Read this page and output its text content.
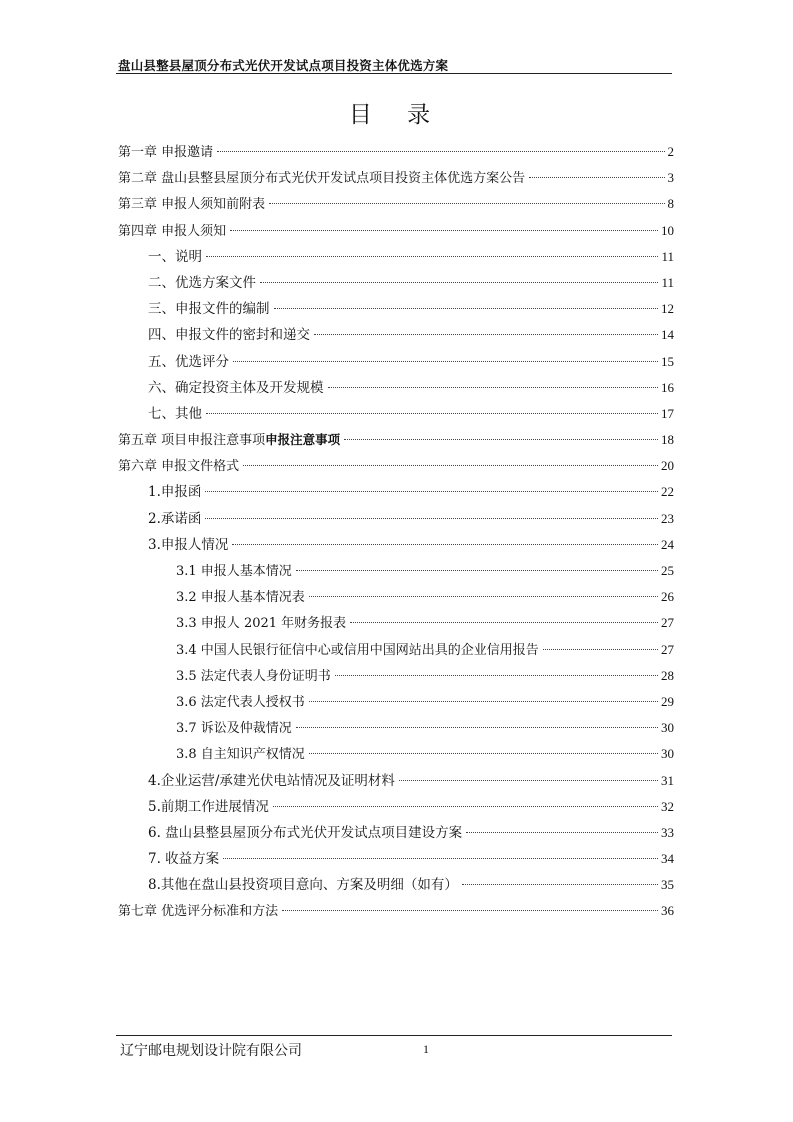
盘山县整县屋顶分布式光伏开发试点项目投资主体优选方案
目 录
第一章 申报邀请	2
第二章 盘山县整县屋顶分布式光伏开发试点项目投资主体优选方案公告	3
第三章 申报人须知前附表	8
第四章 申报人须知	10
一、说明	11
二、优选方案文件	11
三、申报文件的编制	12
四、申报文件的密封和递交	14
五、优选评分	15
六、确定投资主体及开发规模	16
七、其他	17
第五章 项目申报注意事项申报注意事项	18
第六章 申报文件格式	20
1.申报函	22
2.承诺函	23
3.申报人情况	24
3.1 申报人基本情况	25
3.2 申报人基本情况表	26
3.3 申报人 2021 年财务报表	27
3.4 中国人民银行征信中心或信用中国网站出具的企业信用报告	27
3.5 法定代表人身份证明书	28
3.6 法定代表人授权书	29
3.7 诉讼及仲裁情况	30
3.8 自主知识产权情况	30
4.企业运营/承建光伏电站情况及证明材料	31
5.前期工作进展情况	32
6. 盘山县整县屋顶分布式光伏开发试点项目建设方案	33
7. 收益方案	34
8.其他在盘山县投资项目意向、方案及明细（如有）	35
第七章 优选评分标准和方法	36
辽宁邮电规划设计院有限公司	1
